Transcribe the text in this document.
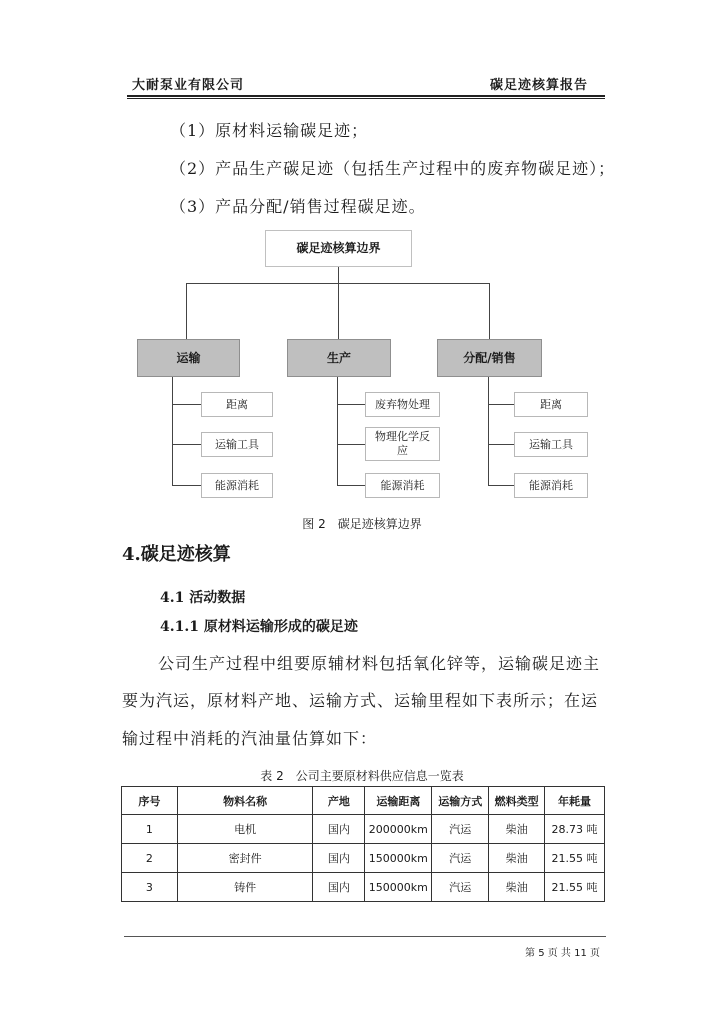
大耐泵业有限公司	碳足迹核算报告
（1）原材料运输碳足迹；
（2）产品生产碳足迹（包括生产过程中的废弃物碳足迹）；
（3）产品分配/销售过程碳足迹。
碳足迹核算边界
运输	生产	分配/销售
距离
运输工具
能源消耗
废弃物处理
物理化学反应
能源消耗
距离
运输工具
能源消耗
图 2　碳足迹核算边界
4.碳足迹核算
4.1 活动数据
4.1.1 原材料运输形成的碳足迹
公司生产过程中组要原辅材料包括氧化锌等，运输碳足迹主
要为汽运，原材料产地、运输方式、运输里程如下表所示；在运
输过程中消耗的汽油量估算如下：
表 2　公司主要原材料供应信息一览表
序号	物料名称	产地	运输距离	运输方式	燃料类型	年耗量
1	电机	国内	200000km	汽运	柴油	28.73 吨
2	密封件	国内	150000km	汽运	柴油	21.55 吨
3	铸件	国内	150000km	汽运	柴油	21.55 吨
第 5 页 共 11 页
